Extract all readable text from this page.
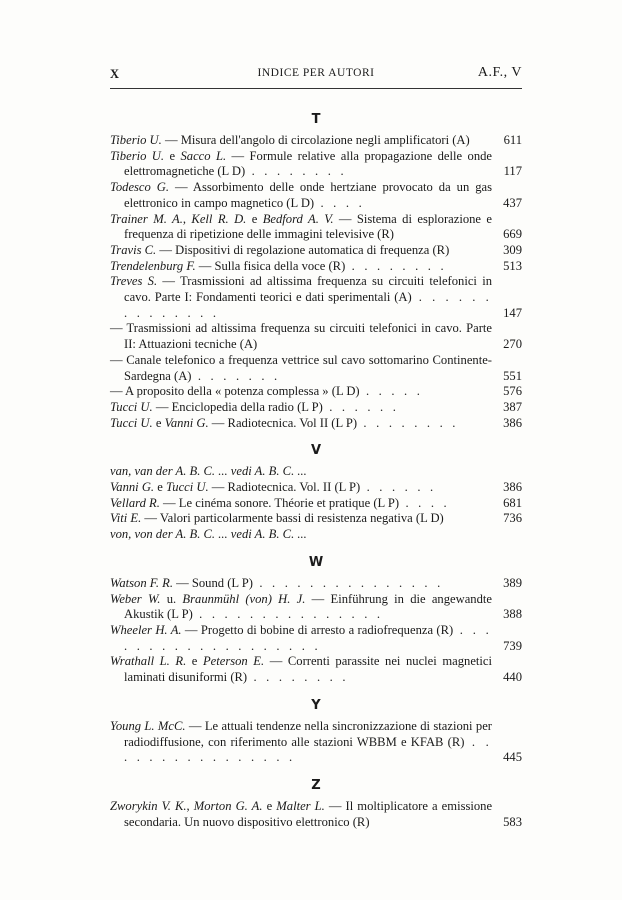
X	INDICE PER AUTORI	A.F., V
T
Tiberio U. — Misura dell'angolo di circolazione negli amplificatori (A)	611
Tiberio U. e Sacco L. — Formule relative alla propagazione delle onde elettromagnetiche (L D) . . . . . . . .	117
Todesco G. — Assorbimento delle onde hertziane provocato da un gas elettronico in campo magnetico (L D) . . . .	437
Trainer M. A., Kell R. D. e Bedford A. V. — Sistema di esplorazione e frequenza di ripetizione delle immagini televisive (R)	669
Travis C. — Dispositivi di regolazione automatica di frequenza (R)	309
Trendelenburg F. — Sulla fisica della voce (R) . . . . . . . .	513
Treves S. — Trasmissioni ad altissima frequenza su circuiti telefonici in cavo. Parte I: Fondamenti teorici e dati sperimentali (A) . . . . . . . . . . . . . .	147
— Trasmissioni ad altissima frequenza su circuiti telefonici in cavo. Parte II: Attuazioni tecniche (A)	270
— Canale telefonico a frequenza vettrice sul cavo sottomarino Continente-Sardegna (A) . . . . . . .	551
— A proposito della « potenza complessa » (L D) . . . . .	576
Tucci U. — Enciclopedia della radio (L P) . . . . . .	387
Tucci U. e Vanni G. — Radiotecnica. Vol II (L P) . . . . . . . .	386
V
van, van der A. B. C. ... vedi A. B. C. ...
Vanni G. e Tucci U. — Radiotecnica. Vol. II (L P) . . . . . .	386
Vellard R. — Le cinéma sonore. Théorie et pratique (L P) . . . .	681
Viti E. — Valori particolarmente bassi di resistenza negativa (L D)	736
von, von der A. B. C. ... vedi A. B. C. ...
W
Watson F. R. — Sound (L P) . . . . . . . . . . . . . . .	389
Weber W. u. Braunmühl (von) H. J. — Einführung in die angewandte Akustik (L P) . . . . . . . . . . . . . . .	388
Wheeler H. A. — Progetto di bobine di arresto a radiofrequenza (R) . . . . . . . . . . . . . . . . . . .	739
Wrathall L. R. e Peterson E. — Correnti parassite nei nuclei magnetici laminati disuniformi (R) . . . . . . . .	440
Y
Young L. McC. — Le attuali tendenze nella sincronizzazione di stazioni per radiodiffusione, con riferimento alle stazioni WBBM e KFAB (R) . . . . . . . . . . . . . . . .	445
Z
Zworykin V. K., Morton G. A. e Malter L. — Il moltiplicatore a emissione secondaria. Un nuovo dispositivo elettronico (R)	583
